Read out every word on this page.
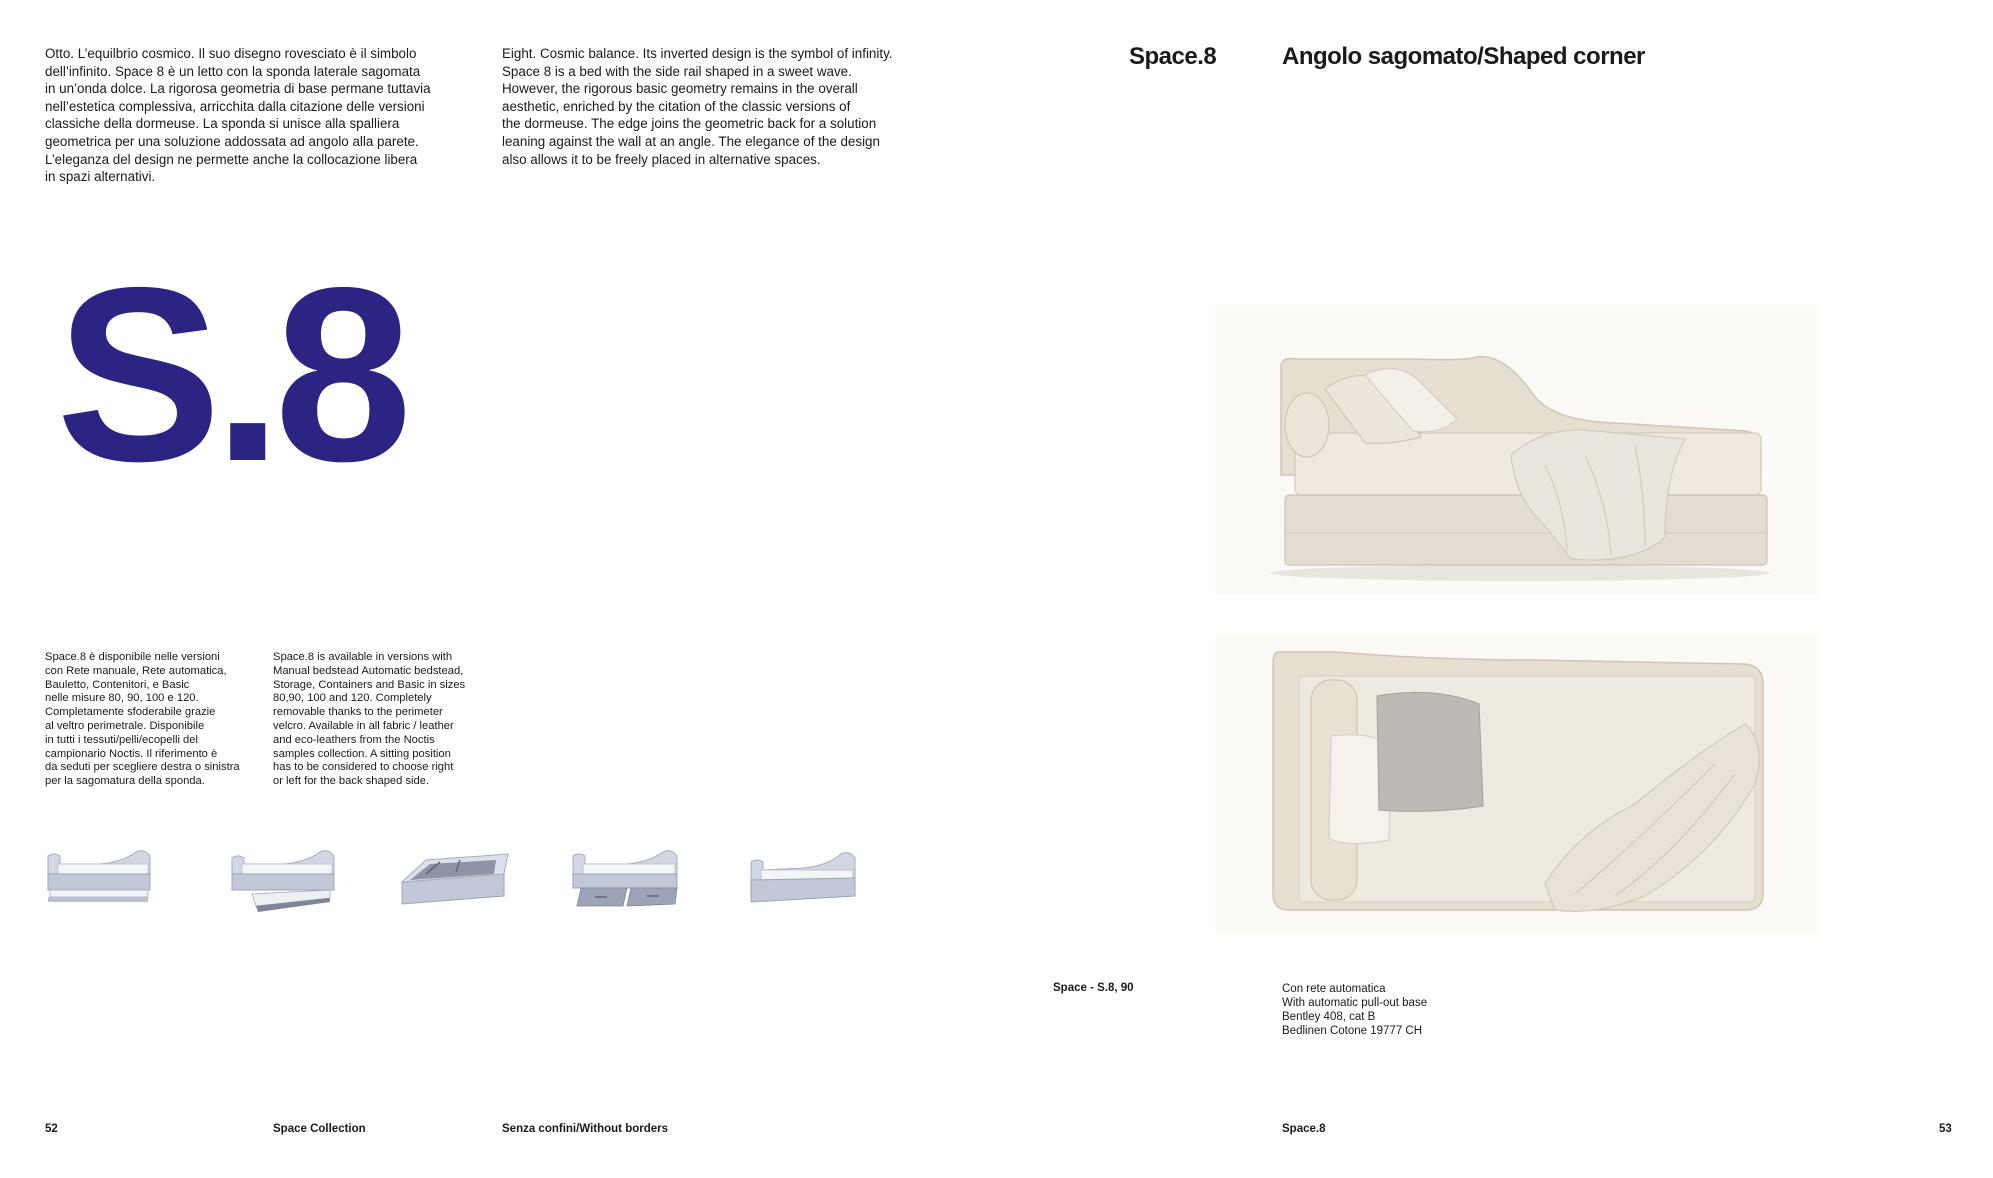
Otto. L’equilbrio cosmico. Il suo disegno rovesciato è il simbolo
dell’infinito. Space 8 è un letto con la sponda laterale sagomata
in un’onda dolce. La rigorosa geometria di base permane tuttavia
nell’estetica complessiva, arricchita dalla citazione delle versioni
classiche della dormeuse. La sponda si unisce alla spalliera
geometrica per una soluzione addossata ad angolo alla parete.
L’eleganza del design ne permette anche la collocazione libera
in spazi alternativi.
Eight. Cosmic balance. Its inverted design is the symbol of infinity.
Space 8 is a bed with the side rail shaped in a sweet wave.
However, the rigorous basic geometry remains in the overall
aesthetic, enriched by the citation of the classic versions of
the dormeuse. The edge joins the geometric back for a solution
leaning against the wall at an angle. The elegance of the design
also allows it to be freely placed in alternative spaces.
S.8
Space.8 è disponibile nelle versioni
con Rete manuale, Rete automatica,
Bauletto, Contenitori, e Basic
nelle misure 80, 90, 100 e 120.
Completamente sfoderabile grazie
al veltro perimetrale. Disponibile
in tutti i tessuti/pelli/ecopelli del
campionario Noctis. Il riferimento è
da seduti per scegliere destra o sinistra
per la sagomatura della sponda.
Space.8 is available in versions with
Manual bedstead Automatic bedstead,
Storage, Containers and Basic in sizes
80,90, 100 and 120. Completely
removable thanks to the perimeter
velcro. Available in all fabric / leather
and eco-leathers from the Noctis
samples collection. A sitting position
has to be considered to choose right
or left for the back shaped side.
52	Space Collection	Senza confini/Without borders
Space.8	Angolo sagomato/Shaped corner
Space - S.8, 90	Con rete automatica
With automatic pull-out base
Bentley 408, cat B
Bedlinen Cotone 19777 CH
Space.8	53
